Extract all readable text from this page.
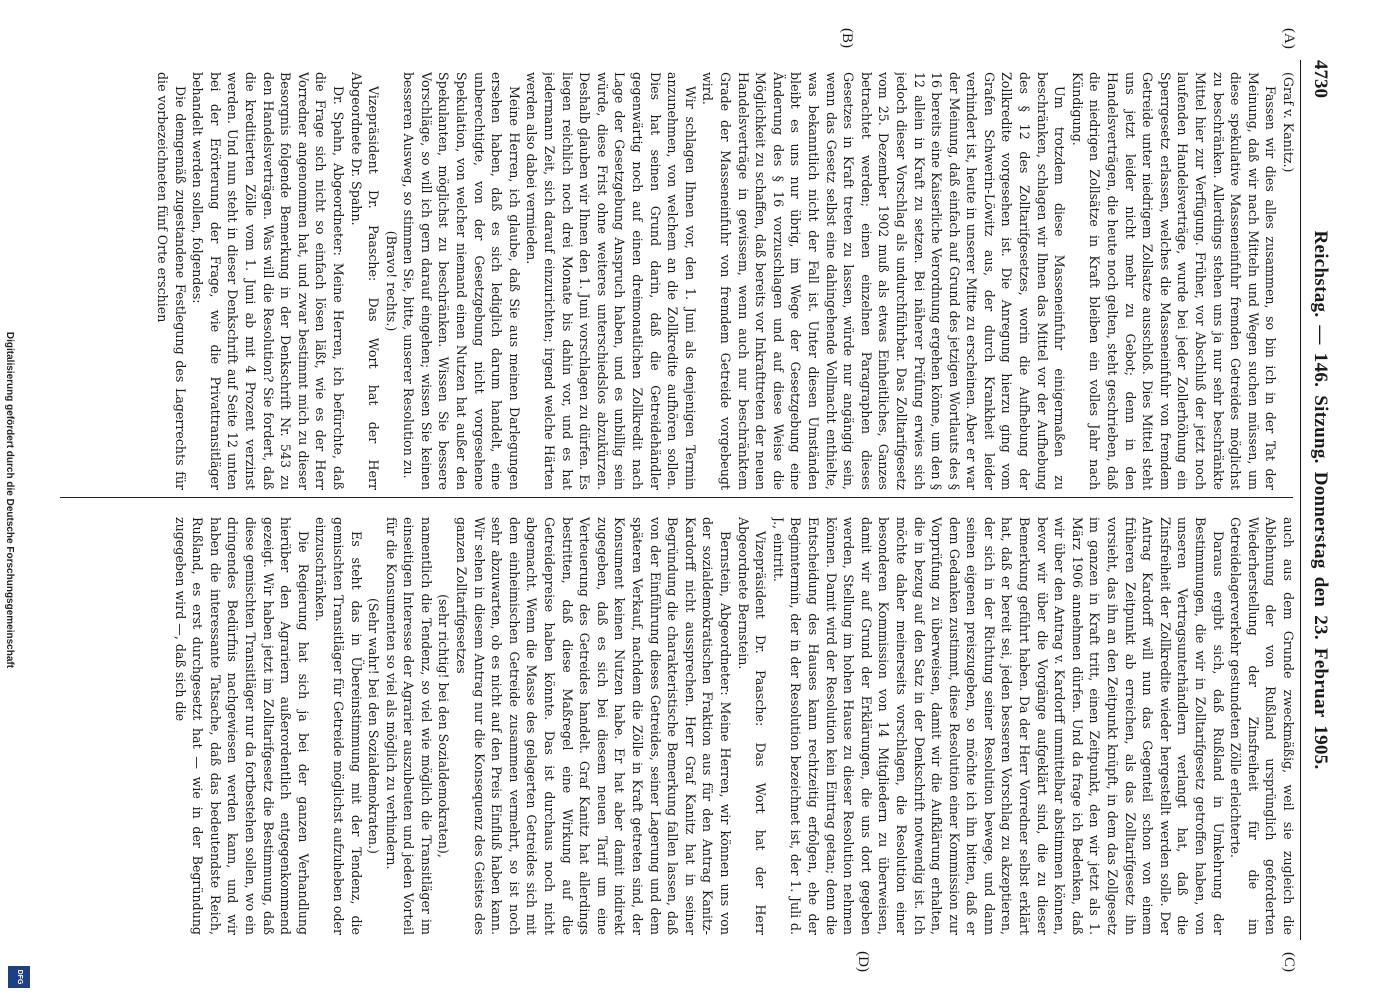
4730
Reichstag. — 146. Sitzung. Donnerstag den 23. Februar 1905.
(A)
(B)
(C)
(D)

(Graf v. Kanitz.)

Fassen wir dies alles zusammen, so bin ich in der Tat der Meinung, daß wir nach Mitteln und Wegen suchen müssen, um diese spekulative Masseneinfuhr fremden Getreides möglichst zu beschränken. Allerdings stehen uns ja nur sehr beschränkte Mittel hier zur Verfügung. Früher, vor Abschluß der jetzt noch laufenden Handelsverträge, wurde bei jeder Zollerhöhung ein Sperrgesetz erlassen, welches die Masseneinfuhr von fremdem Getreide unter niedrigem Zollsatze ausschloß. Dies Mittel steht uns jetzt leider nicht mehr zu Gebot; denn in den Handelsverträgen, die heute noch gelten, steht geschrieben, daß die niedrigen Zollsätze in Kraft bleiben ein volles Jahr nach Kündigung.

Um trotzdem diese Masseneinfuhr einigermaßen zu beschränken, schlagen wir Ihnen das Mittel vor der Aufhebung des § 12 des Zolltarifgesetzes, worin die Aufhebung der Zollkredite vorgesehen ist. Die Anregung hierzu ging vom Grafen Schwerin-Löwitz aus, der durch Krankheit leider verhindert ist, heute in unserer Mitte zu erscheinen. Aber er war der Meinung, daß einfach auf Grund des jetzigen Wortlauts des § 16 bereits eine Kaiserliche Verordnung ergehen könne, um den § 12 allein in Kraft zu setzen. Bei näherer Prüfung erwies sich jedoch dieser Vorschlag als undurchführbar. Das Zolltarifgesetz vom 25. Dezember 1902 muß als etwas Einheitliches, Ganzes betrachtet werden; einen einzelnen Paragraphen dieses Gesetzes in Kraft treten zu lassen, würde nur angängig sein, wenn das Gesetz selbst eine dahingehende Vollmacht enthielte, was bekanntlich nicht der Fall ist. Unter diesen Umständen bleibt es uns nur übrig, im Wege der Gesetzgebung eine Änderung des § 16 vorzuschlagen und auf diese Weise die Möglichkeit zu schaffen, daß bereits vor Inkrafttreten der neuen Handelsverträge in gewissem, wenn auch nur beschränktem Grade der Masseneinfuhr von fremdem Getreide vorgebeugt wird.

Wir schlagen Ihnen vor, den 1. Juni als denjenigen Termin anzunehmen, von welchem an die Zollkredite aufhören sollen. Dies hat seinen Grund darin, daß die Getreidehändler gegenwärtig noch auf einen dreimonatlichen Zollkredit nach Lage der Gesetzgebung Anspruch haben, und es unbillig sein würde, diese Frist ohne weiteres unterschiedslos abzukürzen. Deshalb glauben wir Ihnen den 1. Juni vorschlagen zu dürfen. Es liegen reichlich noch drei Monate bis dahin vor, und es hat jedermann Zeit, sich darauf einzurichten; irgend welche Härten werden also dabei vermieden.

Meine Herren, ich glaube, daß Sie aus meinen Darlegungen ersehen haben, daß es sich lediglich darum handelt, eine unberechtigte, von der Gesetzgebung nicht vorgesehene Spekulation, von welcher niemand einen Nutzen hat außer den Spekulanten, möglichst zu beschränken. Wissen Sie bessere Vorschläge, so will ich gern darauf eingehen; wissen Sie keinen besseren Ausweg, so stimmen Sie, bitte, unserer Resolution zu.

(Bravo! rechts.)

Vizepräsident Dr. Paasche: Das Wort hat der Herr Abgeordnete Dr. Spahn.

Dr. Spahn, Abgeordneter: Meine Herren, ich befürchte, daß die Frage sich nicht so einfach lösen läßt, wie es der Herr Vorredner angenommen hat, und zwar bestimmt mich zu dieser Besorgnis folgende Bemerkung in der Denkschrift Nr. 543 zu den Handelsverträgen. Was will die Resolution? Sie fordert, daß die kreditierten Zölle vom 1. Juni ab mit 4 Prozent verzinst werden. Und nun steht in dieser Denkschrift auf Seite 12 unten bei der Erörterung der Frage, wie die Privattransitläger behandelt werden sollen, folgendes:

Die demgemäß zugestandene Festlegung des Lagerrechts für die vorbezeichneten fünf Orte erschien

auch aus dem Grunde zweckmäßig, weil sie zugleich die Ablehnung der von Rußland ursprünglich geforderten Wiederherstellung der Zinsfreiheit für die im Getreidelagerverkehr gestundeten Zölle erleichterte.

Daraus ergibt sich, daß Rußland in Umkehrung der Bestimmungen, die wir in Zolltarifgesetz getroffen haben, von unseren Vertragsunterhändlern verlangt hat, daß die Zinsfreiheit der Zollkredite wieder hergestellt werden solle. Der Antrag Kardorff will nun das Gegenteil schon von einem früheren Zeitpunkt ab erreichen, als das Zolltarifgesetz ihn vorsieht, das ihn an den Zeitpunkt knüpft, in dem das Zollgesetz im ganzen in Kraft tritt, einen Zeitpunkt, den wir jetzt als 1. März 1906 annehmen dürfen. Und da frage ich Bedenken, daß wir über den Antrag v. Kardorff unmittelbar abstimmen können, bevor wir über die Vorgänge aufgeklärt sind, die zu dieser Bemerkung geführt haben. Da der Herr Vorredner selbst erklärt hat, daß er bereit sei, jeden besseren Vorschlag zu akzeptieren, der sich in der Richtung seiner Resolution bewege, und dann seinen eigenen preiszugeben, so möchte ich ihn bitten, daß er dem Gedanken zustimmt, diese Resolution einer Kommission zur Vorprüfung zu überweisen, damit wir die Aufklärung erhalten, die in bezug auf den Satz in der Denkschrift notwendig ist. Ich möchte daher meinerseits vorschlagen, die Resolution einer besonderen Kommission von 14 Mitgliedern zu überweisen, damit wir auf Grund der Erklärungen, die uns dort gegeben werden, Stellung im hohen Hause zu dieser Resolution nehmen können. Damit wird der Resolution kein Eintrag getan; denn die Entscheidung des Hauses kann rechtzeitig erfolgen, ehe der Beginntermin, der in der Resolution bezeichnet ist, der 1. Juli d. J., eintritt.

Vizepräsident Dr. Paasche: Das Wort hat der Herr Abgeordnete Bernstein.

Bernstein, Abgeordneter: Meine Herren, wir können uns von der sozialdemokratischen Fraktion aus für den Antrag Kanitz-Kardorff nicht aussprechen. Herr Graf Kanitz hat in seiner Begründung die charakteristische Bemerkung fallen lassen, daß von der Einführung dieses Getreides, seiner Lagerung und dem späteren Verkauf, nachdem die Zölle in Kraft getreten sind, der Konsument keinen Nutzen habe. Er hat aber damit indirekt zugegeben, daß es sich bei diesem neuen Tarif um eine Verteuerung des Getreides handelt. Graf Kanitz hat allerdings bestritten, daß diese Maßregel eine Wirkung auf die Getreidepreise haben könnte. Das ist durchaus noch nicht abgemacht. Wenn die Masse des gelagerten Getreides sich mit dem einheimischen Getreide zusammen vermehrt, so ist noch sehr abzuwarten, ob es nicht auf den Preis Einfluß haben kann. Wir sehen in diesem Antrag nur die Konsequenz des Geistes des ganzen Zolltarifgesetzes

(sehr richtig! bei den Sozialdemokraten),

namentlich die Tendenz, so viel wie möglich die Transitläger im einseitigen Interesse der Agrarier auszubeuten und jeden Vorteil für die Konsumenten so viel als möglich zu verhindern.

(Sehr wahr! bei den Sozialdemokraten.)

Es steht das in Übereinstimmung mit der Tendenz, die gemischten Transitläger für Getreide möglichst aufzuheben oder einzuschränken.

Die Regierung hat sich ja bei der ganzen Verhandlung hierüber den Agrariern außerordentlich entgegenkommend gezeigt. Wir haben jetzt im Zolltarifgesetz die Bestimmung, daß diese gemischten Transitläger nur da fortbestehen sollen, wo ein dringendes Bedürfnis nachgewiesen werden kann, und wir haben die interessante Tatsache, daß das bedeutendste Reich, Rußland, es erst durchgesetzt hat — wie in der Begründung zugegeben wird —, daß sich die

Digitalisierung gefördert durch die Deutsche Forschungsgemeinschaft
DFG
